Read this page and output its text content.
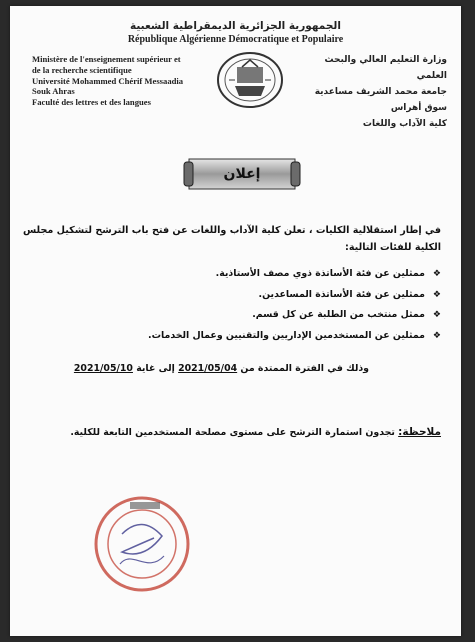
الجمهورية الجزائرية الديمقراطية الشعبية
République Algérienne Démocratique et Populaire
Ministère de l'enseignement supérieur et
de la recherche scientifique
Université Mohammed Chérif Messaadia
Souk Ahras
Faculté des lettres et des langues
وزارة التعليم العالي والبحث العلمي
جامعة محمد الشريف مساعدية
سوق أهراس
كلية الآداب واللغات
إعلان
في إطار استقلالية الكليات ، تعلن كلية الآداب واللغات عن فتح باب الترشح لتشكيل مجلس الكلية للفئات التالية:
❖ممثلين عن فئة الأساتذة ذوي مصف الأستاذية.
❖ممثلين عن فئة الأساتذة المساعدين.
❖ممثل منتخب من الطلبة عن كل قسم.
❖ممثلين عن المستخدمين الإداريين والتقنيين وعمال الخدمات.
وذلك في الفترة الممتدة من 2021/05/04 إلى غاية 2021/05/10
ملاحظة: تجدون استمارة الترشح على مستوى مصلحة المستخدمين التابعة للكلية.
